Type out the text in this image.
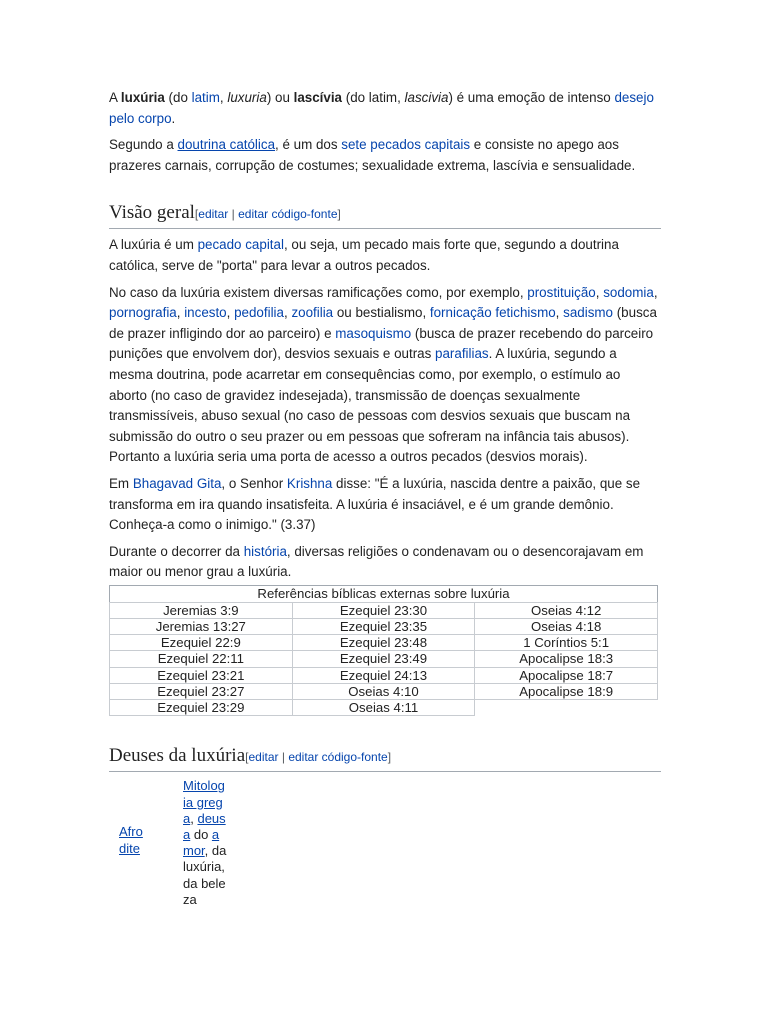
A luxúria (do latim, luxuria) ou lascívia (do latim, lascivia) é uma emoção de intenso desejo pelo corpo.

Segundo a doutrina católica, é um dos sete pecados capitais e consiste no apego aos prazeres carnais, corrupção de costumes; sexualidade extrema, lascívia e sensualidade.

Visão geral[editar | editar código-fonte]

A luxúria é um pecado capital, ou seja, um pecado mais forte que, segundo a doutrina católica, serve de "porta" para levar a outros pecados.

No caso da luxúria existem diversas ramificações como, por exemplo, prostituição, sodomia, pornografia, incesto, pedofilia, zoofilia ou bestialismo, fornicação fetichismo, sadismo (busca de prazer infligindo dor ao parceiro) e masoquismo (busca de prazer recebendo do parceiro punições que envolvem dor), desvios sexuais e outras parafilias. A luxúria, segundo a mesma doutrina, pode acarretar em consequências como, por exemplo, o estímulo ao aborto (no caso de gravidez indesejada), transmissão de doenças sexualmente transmissíveis, abuso sexual (no caso de pessoas com desvios sexuais que buscam na submissão do outro o seu prazer ou em pessoas que sofreram na infância tais abusos). Portanto a luxúria seria uma porta de acesso a outros pecados (desvios morais).

Em Bhagavad Gita, o Senhor Krishna disse: "É a luxúria, nascida dentre a paixão, que se transforma em ira quando insatisfeita. A luxúria é insaciável, e é um grande demônio. Conheça-a como o inimigo." (3.37)

Durante o decorrer da história, diversas religiões o condenavam ou o desencorajavam em maior ou menor grau a luxúria.

Referências bíblicas externas sobre luxúria
Jeremias 3:9	Ezequiel 23:30	Oseias 4:12
Jeremias 13:27	Ezequiel 23:35	Oseias 4:18
Ezequiel 22:9	Ezequiel 23:48	1 Coríntios 5:1
Ezequiel 22:11	Ezequiel 23:49	Apocalipse 18:3
Ezequiel 23:21	Ezequiel 24:13	Apocalipse 18:7
Ezequiel 23:27	Oseias 4:10	Apocalipse 18:9
Ezequiel 23:29	Oseias 4:11	
Deuses da luxúria[editar | editar código-fonte]
Afrodite
Mitologia grega, deusa do amor, da luxúria, da beleza
